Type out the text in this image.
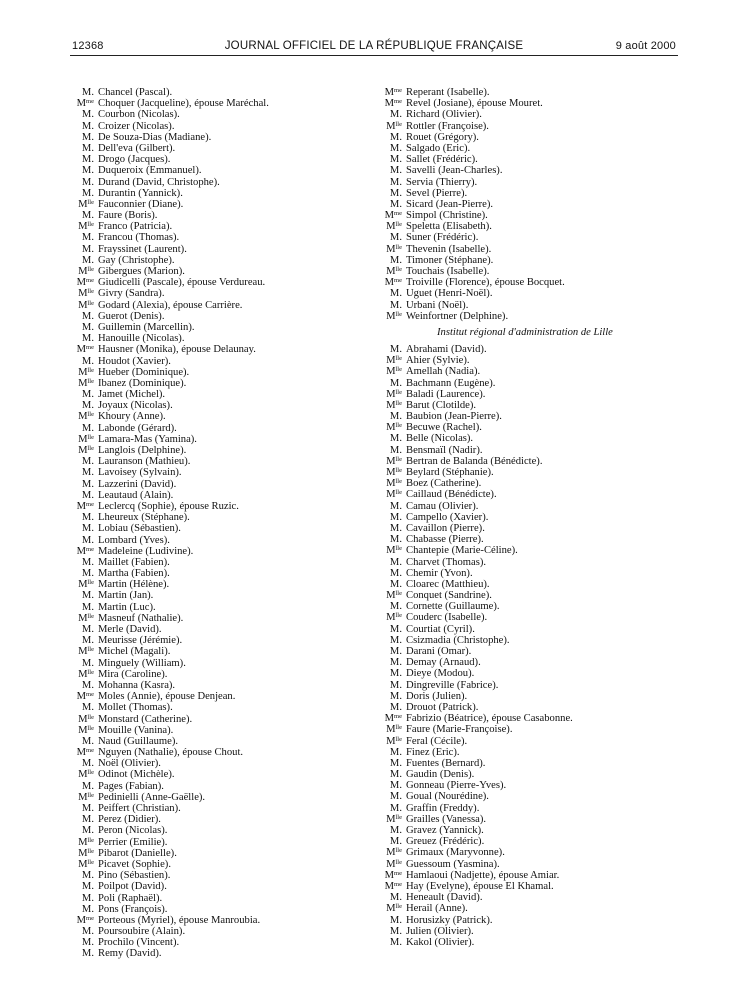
12368	JOURNAL OFFICIEL DE LA RÉPUBLIQUE FRANÇAISE	9 août 2000
M. Chancel (Pascal).
$M^{me}$ Choquer (Jacqueline), épouse Maréchal.
M. Courbon (Nicolas).
M. Croizer (Nicolas).
M. De Souza-Dias (Madiane).
M. Dell'eva (Gilbert).
M. Drogo (Jacques).
M. Duqueroix (Emmanuel).
M. Durand (David, Christophe).
M. Durantin (Yannick).
$M^{lle}$ Fauconnier (Diane).
M. Faure (Boris).
$M^{lle}$ Franco (Patricia).
M. Francou (Thomas).
M. Frayssinet (Laurent).
M. Gay (Christophe).
$M^{lle}$ Gibergues (Marion).
$M^{me}$ Giudicelli (Pascale), épouse Verdureau.
$M^{lle}$ Givry (Sandra).
$M^{lle}$ Godard (Alexia), épouse Carrière.
M. Guerot (Denis).
M. Guillemin (Marcellin).
M. Hanouille (Nicolas).
$M^{me}$ Hausner (Monika), épouse Delaunay.
M. Houdot (Xavier).
$M^{lle}$ Hueber (Dominique).
$M^{lle}$ Ibanez (Dominique).
M. Jamet (Michel).
M. Joyaux (Nicolas).
$M^{lle}$ Khoury (Anne).
M. Labonde (Gérard).
$M^{lle}$ Lamara-Mas (Yamina).
$M^{lle}$ Langlois (Delphine).
M. Lauranson (Mathieu).
M. Lavoisey (Sylvain).
M. Lazzerini (David).
M. Leautaud (Alain).
$M^{me}$ Leclercq (Sophie), épouse Ruzic.
M. Lheureux (Stéphane).
M. Lobiau (Sébastien).
M. Lombard (Yves).
$M^{me}$ Madeleine (Ludivine).
M. Maillet (Fabien).
M. Martha (Fabien).
$M^{lle}$ Martin (Hélène).
M. Martin (Jan).
M. Martin (Luc).
$M^{lle}$ Masneuf (Nathalie).
M. Merle (David).
M. Meurisse (Jérémie).
$M^{lle}$ Michel (Magali).
M. Minguely (William).
$M^{lle}$ Mira (Caroline).
M. Mohanna (Kasra).
$M^{me}$ Moles (Annie), épouse Denjean.
M. Mollet (Thomas).
$M^{lle}$ Monstard (Catherine).
$M^{lle}$ Mouille (Vanina).
M. Naud (Guillaume).
$M^{me}$ Nguyen (Nathalie), épouse Chout.
M. Noël (Olivier).
$M^{lle}$ Odinot (Michèle).
M. Pages (Fabian).
$M^{lle}$ Pedinielli (Anne-Gaëlle).
M. Peiffert (Christian).
M. Perez (Didier).
M. Peron (Nicolas).
$M^{lle}$ Perrier (Emilie).
$M^{lle}$ Pibarot (Danielle).
$M^{lle}$ Picavet (Sophie).
M. Pino (Sébastien).
M. Poilpot (David).
M. Poli (Raphaël).
M. Pons (François).
$M^{me}$ Porteous (Myriel), épouse Manroubia.
M. Poursoubire (Alain).
M. Prochilo (Vincent).
M. Remy (David).
$M^{me}$ Reperant (Isabelle).
$M^{me}$ Revel (Josiane), épouse Mouret.
M. Richard (Olivier).
$M^{lle}$ Rottler (Françoise).
M. Rouet (Grégory).
M. Salgado (Eric).
M. Sallet (Frédéric).
M. Savelli (Jean-Charles).
M. Servia (Thierry).
M. Sevel (Pierre).
M. Sicard (Jean-Pierre).
$M^{me}$ Simpol (Christine).
$M^{lle}$ Speletta (Elisabeth).
M. Suner (Frédéric).
$M^{lle}$ Thevenin (Isabelle).
M. Timoner (Stéphane).
$M^{lle}$ Touchais (Isabelle).
$M^{me}$ Troiville (Florence), épouse Bocquet.
M. Uguet (Henri-Noël).
M. Urbani (Noël).
$M^{lle}$ Weinfortner (Delphine).
Institut régional d'administration de Lille
M. Abrahami (David).
$M^{lle}$ Ahier (Sylvie).
$M^{lle}$ Amellah (Nadia).
M. Bachmann (Eugène).
$M^{lle}$ Baladi (Laurence).
$M^{lle}$ Barut (Clotilde).
M. Baubion (Jean-Pierre).
$M^{lle}$ Becuwe (Rachel).
M. Belle (Nicolas).
M. Bensmaïl (Nadir).
$M^{lle}$ Bertran de Balanda (Bénédicte).
$M^{lle}$ Beylard (Stéphanie).
$M^{lle}$ Boez (Catherine).
$M^{lle}$ Caillaud (Bénédicte).
M. Camau (Olivier).
M. Campello (Xavier).
M. Cavaillon (Pierre).
M. Chabasse (Pierre).
$M^{lle}$ Chantepie (Marie-Céline).
M. Charvet (Thomas).
M. Chemir (Yvon).
M. Cloarec (Matthieu).
$M^{lle}$ Conquet (Sandrine).
M. Cornette (Guillaume).
$M^{lle}$ Couderc (Isabelle).
M. Courtiat (Cyril).
M. Csizmadia (Christophe).
M. Darani (Omar).
M. Demay (Arnaud).
M. Dieye (Modou).
M. Dingreville (Fabrice).
M. Doris (Julien).
M. Drouot (Patrick).
$M^{me}$ Fabrizio (Béatrice), épouse Casabonne.
$M^{lle}$ Faure (Marie-Françoise).
$M^{lle}$ Feral (Cécile).
M. Finez (Eric).
M. Fuentes (Bernard).
M. Gaudin (Denis).
M. Gonneau (Pierre-Yves).
M. Goual (Nourédine).
M. Graffin (Freddy).
$M^{lle}$ Grailles (Vanessa).
M. Gravez (Yannick).
M. Greuez (Frédéric).
$M^{lle}$ Grimaux (Maryvonne).
$M^{lle}$ Guessoum (Yasmina).
$M^{me}$ Hamlaoui (Nadjette), épouse Amiar.
$M^{me}$ Hay (Evelyne), épouse El Khamal.
M. Heneault (David).
$M^{lle}$ Herail (Anne).
M. Horusizky (Patrick).
M. Julien (Olivier).
M. Kakol (Olivier).
